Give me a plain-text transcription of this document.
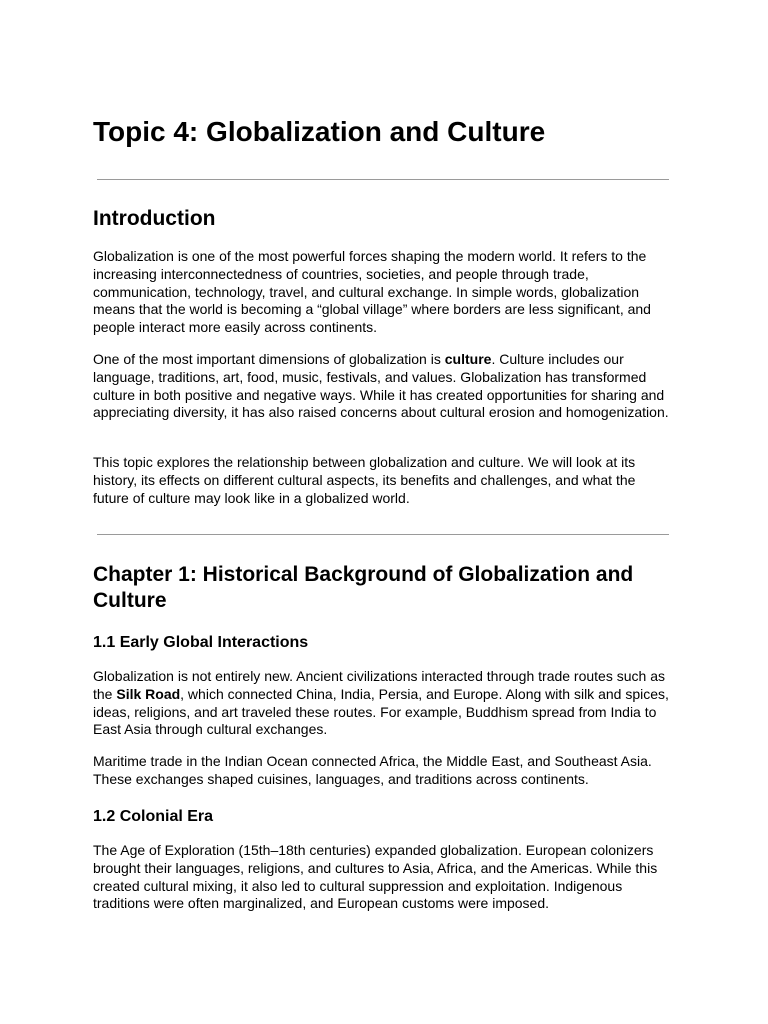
Topic 4: Globalization and Culture
Introduction

Globalization is one of the most powerful forces shaping the modern world. It refers to the increasing interconnectedness of countries, societies, and people through trade, communication, technology, travel, and cultural exchange. In simple words, globalization means that the world is becoming a “global village” where borders are less significant, and people interact more easily across continents.

One of the most important dimensions of globalization is culture. Culture includes our language, traditions, art, food, music, festivals, and values. Globalization has transformed culture in both positive and negative ways. While it has created opportunities for sharing and appreciating diversity, it has also raised concerns about cultural erosion and homogenization.

This topic explores the relationship between globalization and culture. We will look at its history, its effects on different cultural aspects, its benefits and challenges, and what the future of culture may look like in a globalized world.

Chapter 1: Historical Background of Globalization and
Culture
1.1 Early Global Interactions

Globalization is not entirely new. Ancient civilizations interacted through trade routes such as the Silk Road, which connected China, India, Persia, and Europe. Along with silk and spices, ideas, religions, and art traveled these routes. For example, Buddhism spread from India to East Asia through cultural exchanges.

Maritime trade in the Indian Ocean connected Africa, the Middle East, and Southeast Asia. These exchanges shaped cuisines, languages, and traditions across continents.

1.2 Colonial Era

The Age of Exploration (15th–18th centuries) expanded globalization. European colonizers brought their languages, religions, and cultures to Asia, Africa, and the Americas. While this created cultural mixing, it also led to cultural suppression and exploitation. Indigenous traditions were often marginalized, and European customs were imposed.
